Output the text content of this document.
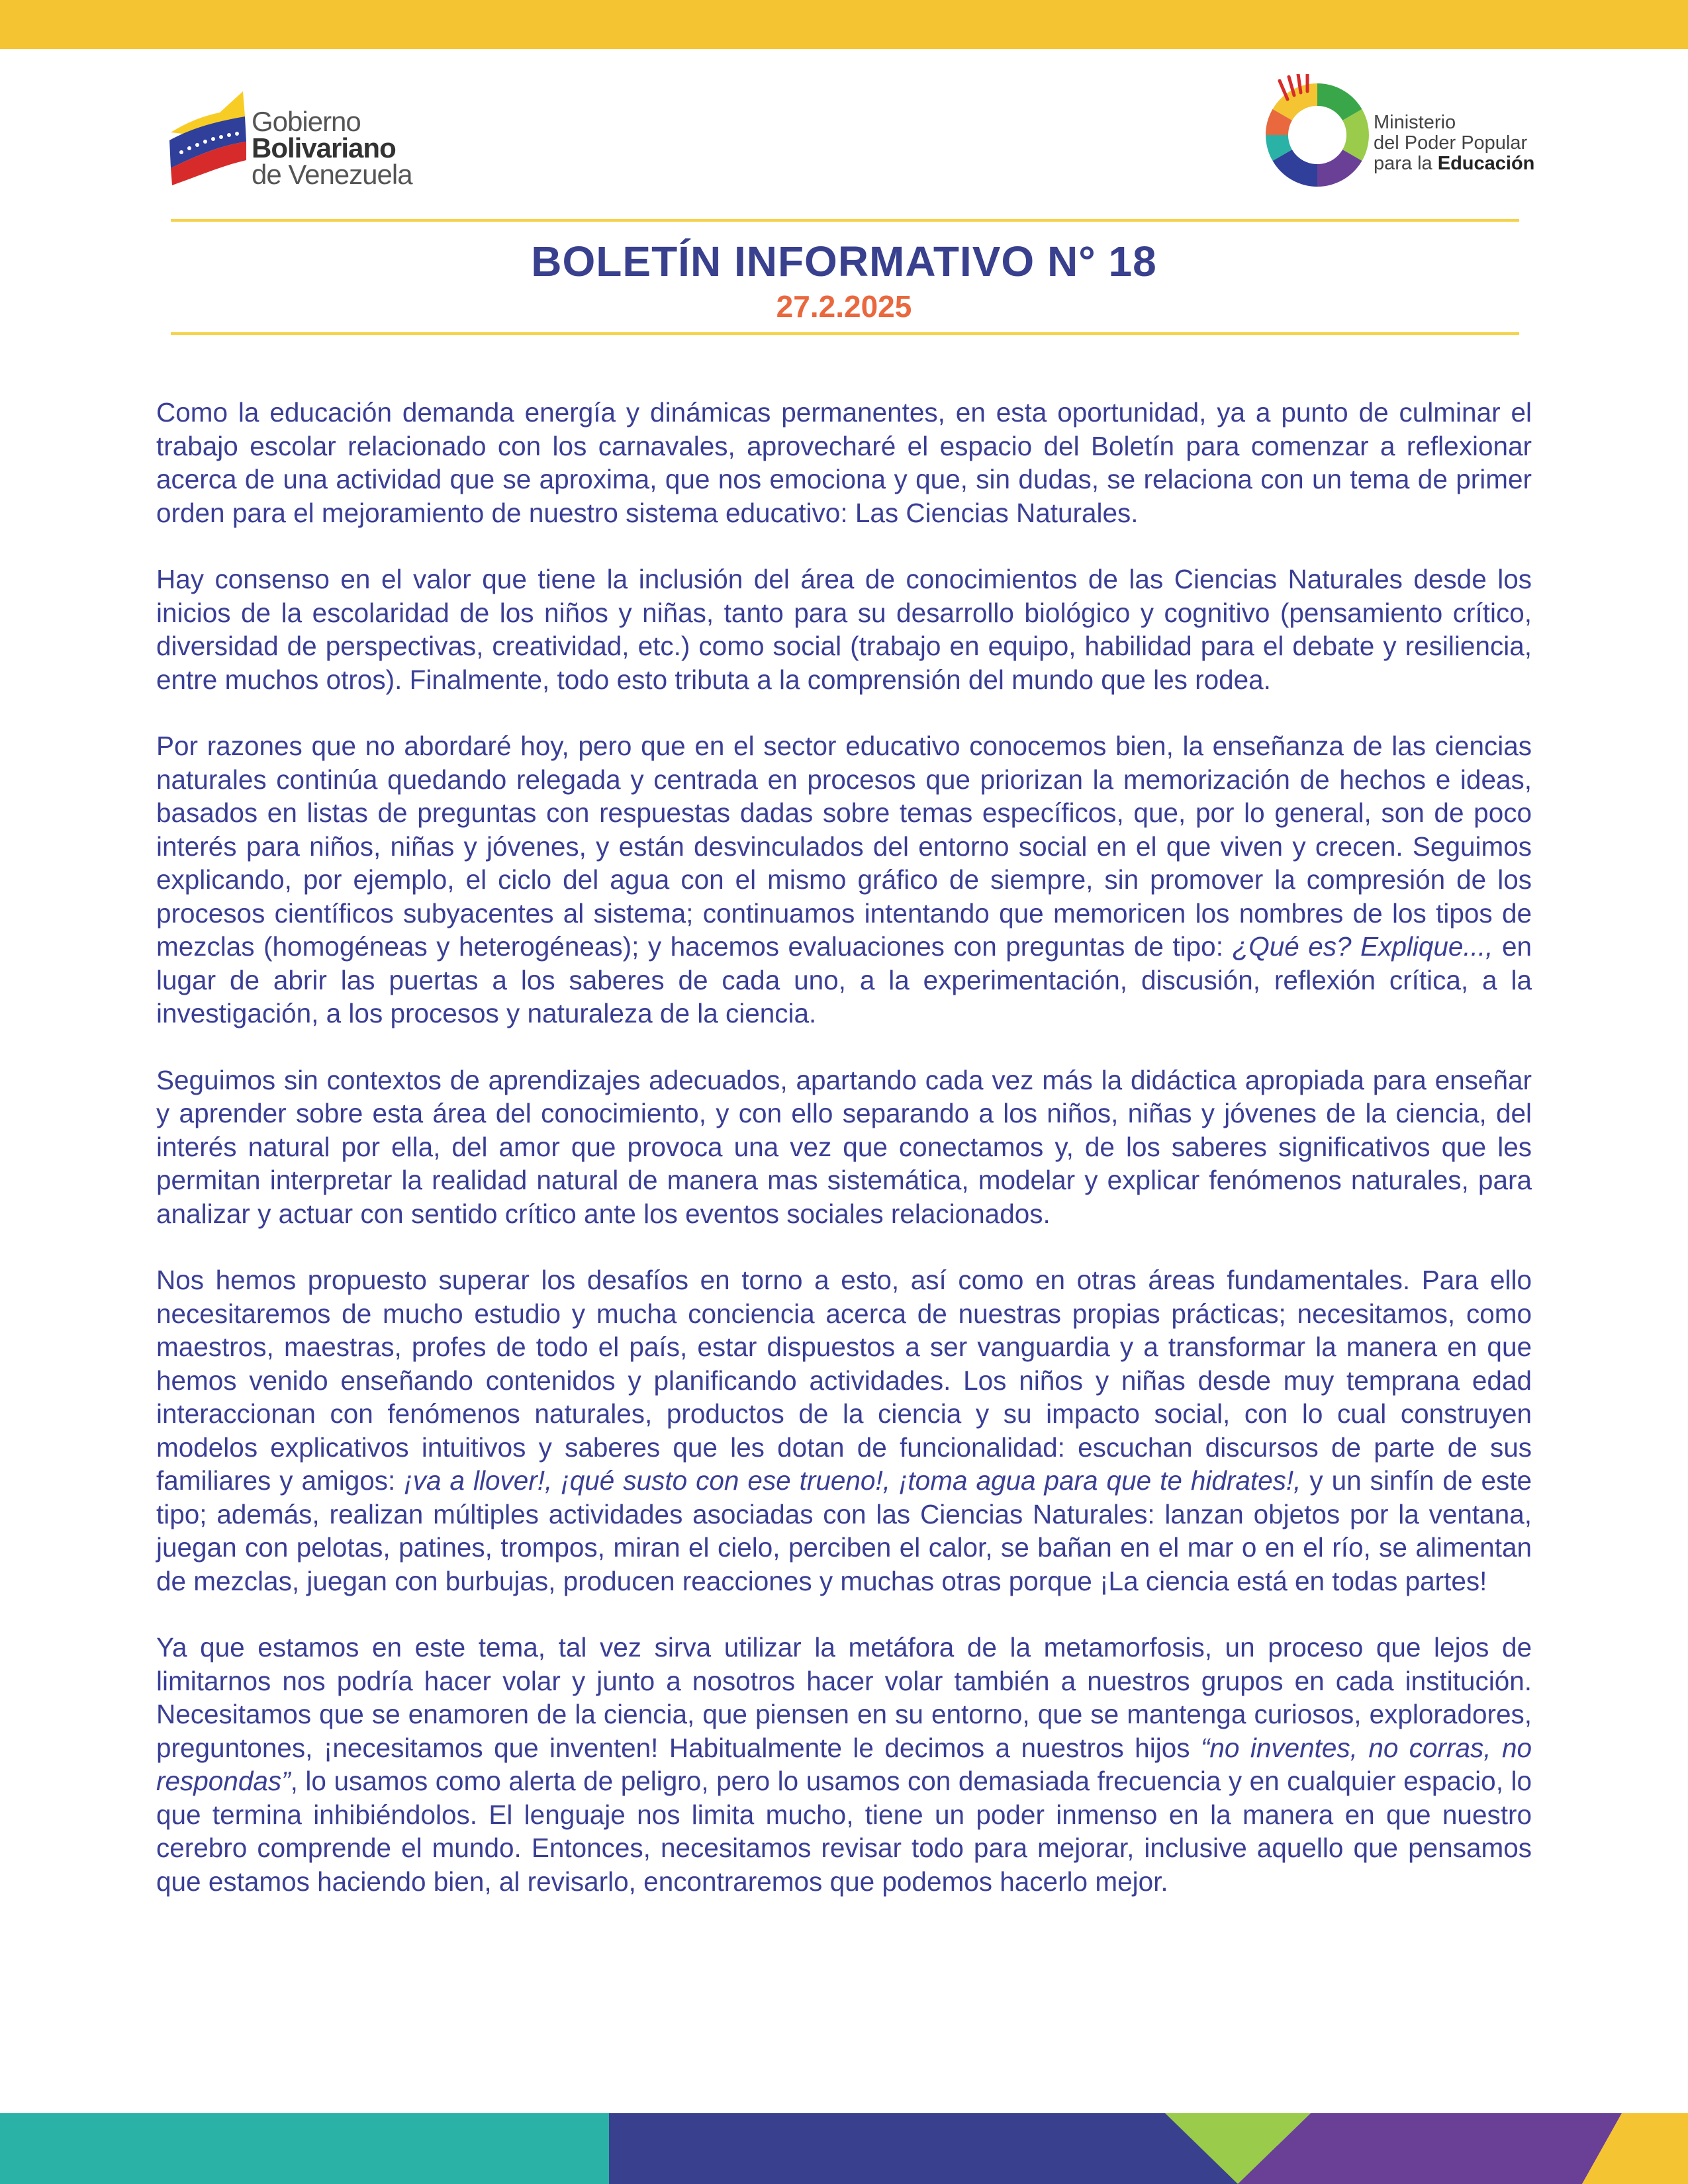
Gobierno
Bolivariano
de Venezuela
Ministerio
del Poder Popular
para la Educación
BOLETÍN INFORMATIVO N° 18
27.2.2025

Como la educación demanda energía y dinámicas permanentes, en esta oportunidad, ya a punto de culminar el trabajo escolar relacionado con los carnavales, aprovecharé el espacio del Boletín para comenzar a reflexionar acerca de una actividad que se aproxima, que nos emociona y que, sin dudas, se relaciona con un tema de primer orden para el mejoramiento de nuestro sistema educativo: Las Ciencias Naturales.

Hay consenso en el valor que tiene la inclusión del área de conocimientos de las Ciencias Naturales desde los inicios de la escolaridad de los niños y niñas, tanto para su desarrollo biológico y cognitivo (pensamiento crítico, diversidad de perspectivas, creatividad, etc.) como social (trabajo en equipo, habilidad para el debate y resiliencia, entre muchos otros). Finalmente, todo esto tributa a la comprensión del mundo que les rodea.

Por razones que no abordaré hoy, pero que en el sector educativo conocemos bien, la enseñanza de las ciencias naturales continúa quedando relegada y centrada en procesos que priorizan la memorización de hechos e ideas, basados en listas de preguntas con respuestas dadas sobre temas específicos, que, por lo general, son de poco interés para niños, niñas y jóvenes, y están desvinculados del entorno social en el que viven y crecen. Seguimos explicando, por ejemplo, el ciclo del agua con el mismo gráfico de siempre, sin promover la compresión de los procesos científicos subyacentes al sistema; continuamos intentando que memoricen los nombres de los tipos de mezclas (homogéneas y heterogéneas); y hacemos evaluaciones con preguntas de tipo: ¿Qué es? Explique..., en lugar de abrir las puertas a los saberes de cada uno, a la experimentación, discusión, reflexión crítica, a la investigación, a los procesos y naturaleza de la ciencia.

Seguimos sin contextos de aprendizajes adecuados, apartando cada vez más la didáctica apropiada para enseñar y aprender sobre esta área del conocimiento, y con ello separando a los niños, niñas y jóvenes de la ciencia, del interés natural por ella, del amor que provoca una vez que conectamos y, de los saberes significativos que les permitan interpretar la realidad natural de manera mas sistemática, modelar y explicar fenómenos naturales, para analizar y actuar con sentido crítico ante los eventos sociales relacionados.

Nos hemos propuesto superar los desafíos en torno a esto, así como en otras áreas fundamentales. Para ello necesitaremos de mucho estudio y mucha conciencia acerca de nuestras propias prácticas; necesitamos, como maestros, maestras, profes de todo el país, estar dispuestos a ser vanguardia y a transformar la manera en que hemos venido enseñando contenidos y planificando actividades. Los niños y niñas desde muy temprana edad interaccionan con fenómenos naturales, productos de la ciencia y su impacto social, con lo cual construyen modelos explicativos intuitivos y saberes que les dotan de funcionalidad: escuchan discursos de parte de sus familiares y amigos: ¡va a llover!, ¡qué susto con ese trueno!, ¡toma agua para que te hidrates!, y un sinfín de este tipo; además, realizan múltiples actividades asociadas con las Ciencias Naturales: lanzan objetos por la ventana, juegan con pelotas, patines, trompos, miran el cielo, perciben el calor, se bañan en el mar o en el río, se alimentan de mezclas, juegan con burbujas, producen reacciones y muchas otras porque ¡La ciencia está en todas partes!

Ya que estamos en este tema, tal vez sirva utilizar la metáfora de la metamorfosis, un proceso que lejos de limitarnos nos podría hacer volar y junto a nosotros hacer volar también a nuestros grupos en cada institución. Necesitamos que se enamoren de la ciencia, que piensen en su entorno, que se mantenga curiosos, exploradores, preguntones, ¡necesitamos que inventen! Habitualmente le decimos a nuestros hijos “no inventes, no corras, no respondas”, lo usamos como alerta de peligro, pero lo usamos con demasiada frecuencia y en cualquier espacio, lo que termina inhibiéndolos. El lenguaje nos limita mucho, tiene un poder inmenso en la manera en que nuestro cerebro comprende el mundo. Entonces, necesitamos revisar todo para mejorar, inclusive aquello que pensamos que estamos haciendo bien, al revisarlo, encontraremos que podemos hacerlo mejor.
